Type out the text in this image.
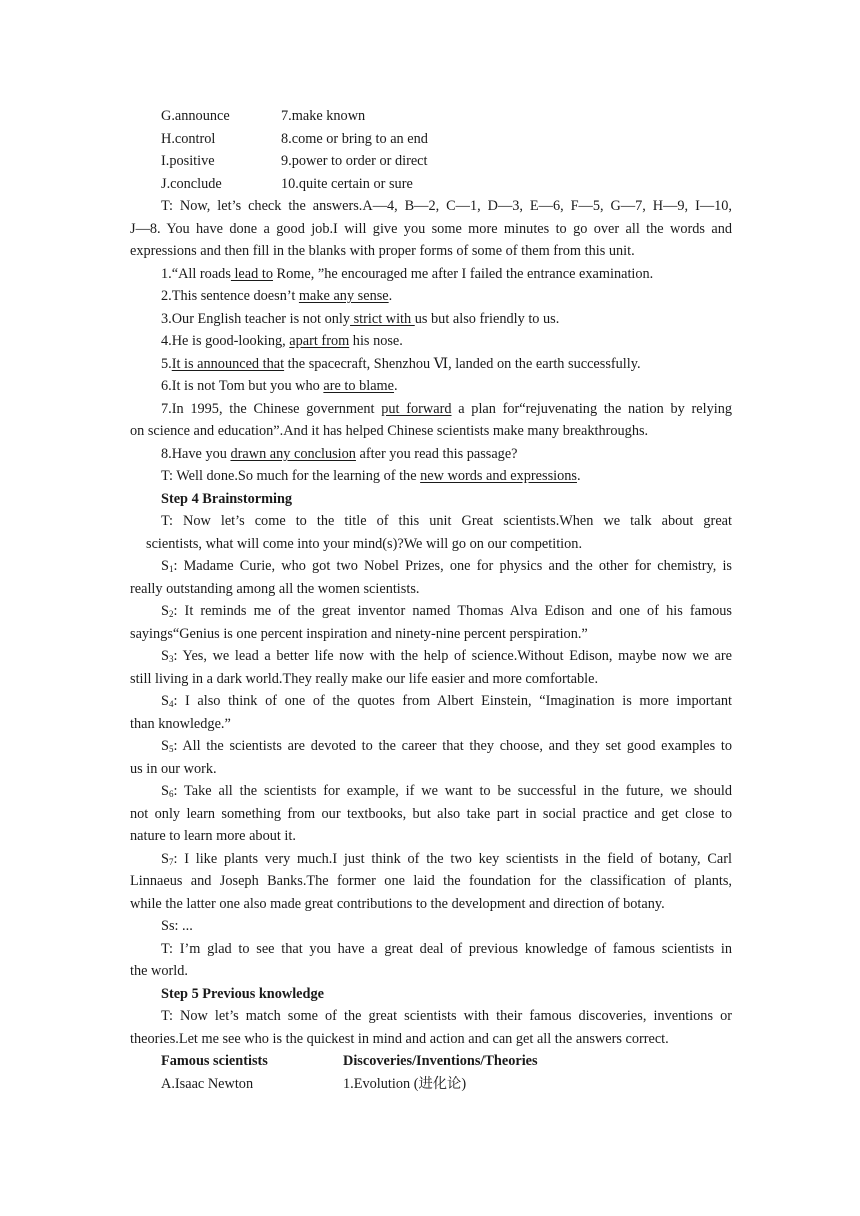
G.announce	7.make known
H.control	8.come or bring to an end
I.positive	9.power to order or direct
J.conclude	10.quite certain or sure
T: Now, let’s check the answers.A—4, B—2, C—1, D—3, E—6, F—5, G—7, H—9, I—10,
J—8. You have done a good job.I will give you some more minutes to go over all the words and
expressions and then fill in the blanks with proper forms of some of them from this unit.
1.“All roads lead to Rome, ”he encouraged me after I failed the entrance examination.
2.This sentence doesn’t make any sense.
3.Our English teacher is not only strict with us but also friendly to us.
4.He is good-looking, apart from his nose.
5.It is announced that the spacecraft, Shenzhou Ⅵ, landed on the earth successfully.
6.It is not Tom but you who are to blame.
7.In 1995, the Chinese government put forward a plan for“rejuvenating the nation by relying
on science and education”.And it has helped Chinese scientists make many breakthroughs.
8.Have you drawn any conclusion after you read this passage?
T: Well done.So much for the learning of the new words and expressions.
Step 4 Brainstorming
T: Now let’s come to the title of this unit Great scientists.When we talk about great
scientists, what will come into your mind(s)?We will go on our competition.
$S_1$: Madame Curie, who got two Nobel Prizes, one for physics and the other for chemistry, is
really outstanding among all the women scientists.
$S_2$: It reminds me of the great inventor named Thomas Alva Edison and one of his famous
sayings“Genius is one percent inspiration and ninety-nine percent perspiration.”
$S_3$: Yes, we lead a better life now with the help of science.Without Edison, maybe now we are
still living in a dark world.They really make our life easier and more comfortable.
$S_4$: I also think of one of the quotes from Albert Einstein, “Imagination is more important
than knowledge.”
$S_5$: All the scientists are devoted to the career that they choose, and they set good examples to
us in our work.
$S_6$: Take all the scientists for example, if we want to be successful in the future, we should
not only learn something from our textbooks, but also take part in social practice and get close to
nature to learn more about it.
$S_7$: I like plants very much.I just think of the two key scientists in the field of botany, Carl
Linnaeus and Joseph Banks.The former one laid the foundation for the classification of plants,
while the latter one also made great contributions to the development and direction of botany.
Ss: ...
T: I’m glad to see that you have a great deal of previous knowledge of famous scientists in
the world.
Step 5 Previous knowledge
T: Now let’s match some of the great scientists with their famous discoveries, inventions or
theories.Let me see who is the quickest in mind and action and can get all the answers correct.
Famous scientists	Discoveries/Inventions/Theories
A.Isaac Newton	1.Evolution (进化论)
